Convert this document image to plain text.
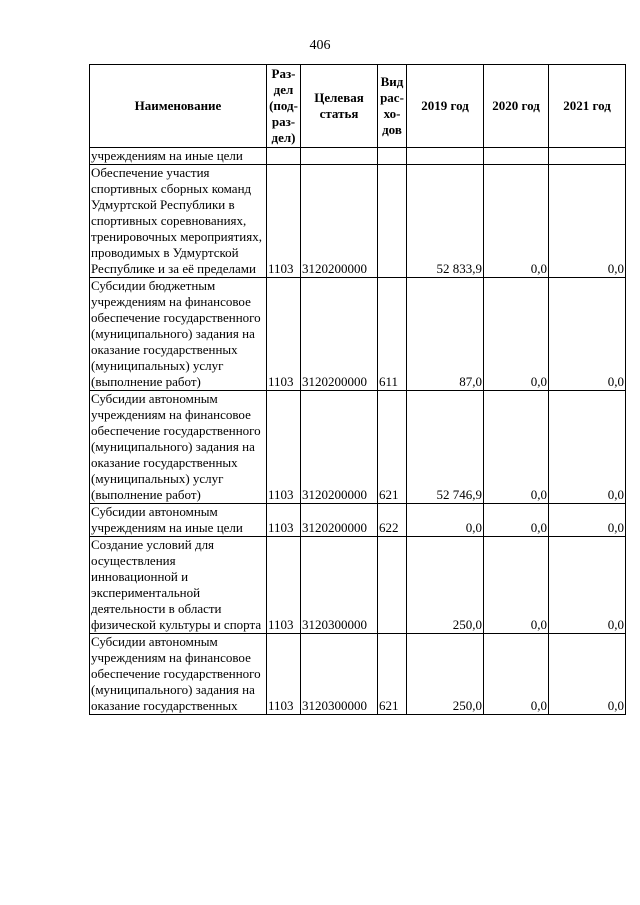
406
Наименование	Раз-
дел
(под-
раз-
дел)	Целевая
статья	Вид
рас-
хо-
дов	2019 год	2020 год	2021 год
учреждениям на иные цели						
Обеспечение участия спортивных сборных команд Удмуртской Республики в спортивных соревнованиях, тренировочных мероприятиях, проводимых в Удмуртской Республике и за её пределами	1103	3120200000		52 833,9	0,0	0,0
Субсидии бюджетным учреждениям на финансовое обеспечение государственного (муниципального) задания на оказание государственных (муниципальных) услуг (выполнение работ)	1103	3120200000	611	87,0	0,0	0,0
Субсидии автономным учреждениям на финансовое обеспечение государственного (муниципального) задания на оказание государственных (муниципальных) услуг (выполнение работ)	1103	3120200000	621	52 746,9	0,0	0,0
Субсидии автономным учреждениям на иные цели	1103	3120200000	622	0,0	0,0	0,0
Создание условий для осуществления инновационной и экспериментальной деятельности в области физической культуры и спорта	1103	3120300000		250,0	0,0	0,0
Субсидии автономным учреждениям на финансовое обеспечение государственного (муниципального) задания на оказание государственных	1103	3120300000	621	250,0	0,0	0,0
